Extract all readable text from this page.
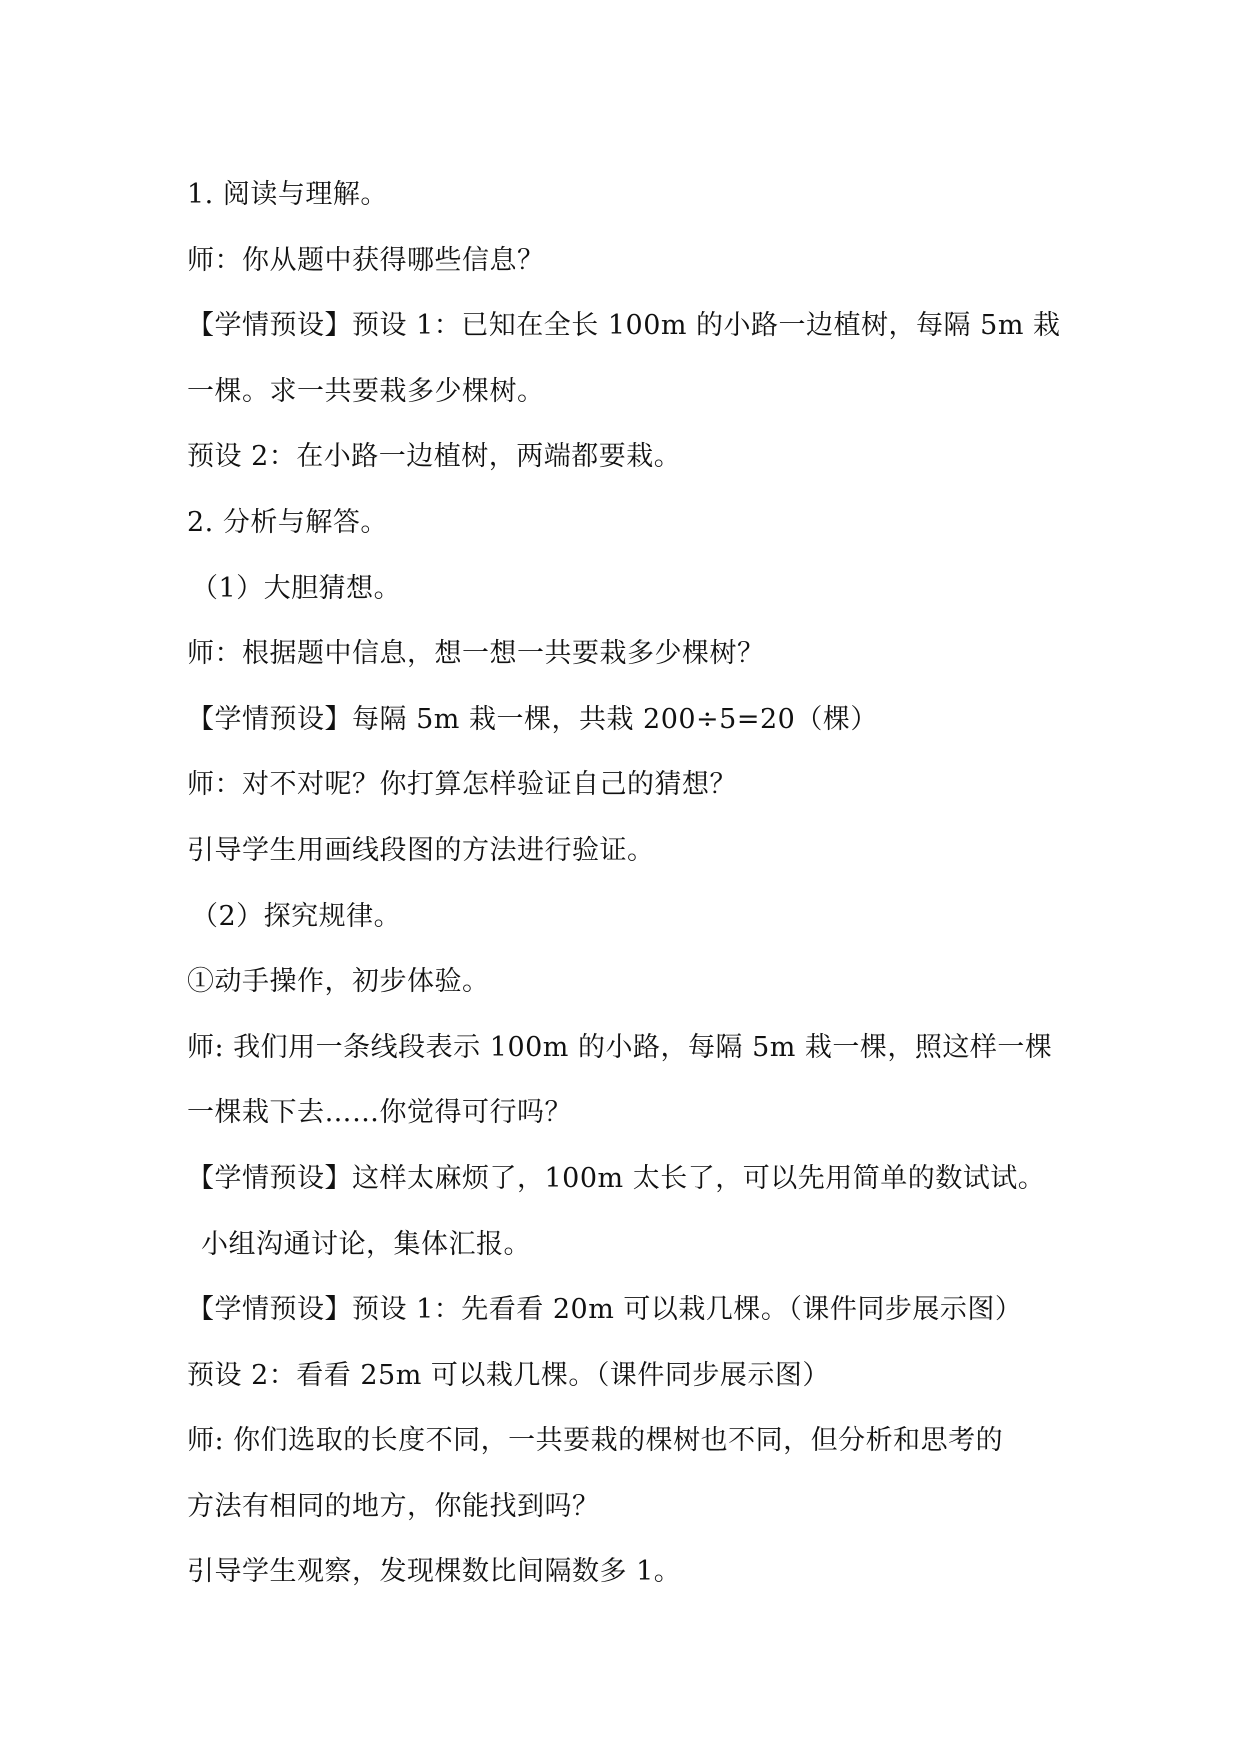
1. 阅读与理解。
师：你从题中获得哪些信息？
【学情预设】预设 1：已知在全长 100m 的小路一边植树，每隔 5m 栽
一棵。求一共要栽多少棵树。
预设 2：在小路一边植树，两端都要栽。
2. 分析与解答。
（1）大胆猜想。
师：根据题中信息，想一想一共要栽多少棵树？
【学情预设】每隔 5m 栽一棵，共栽 200÷5=20（棵）
师：对不对呢？你打算怎样验证自己的猜想？
引导学生用画线段图的方法进行验证。
（2）探究规律。
①动手操作，初步体验。
师: 我们用一条线段表示 100m 的小路，每隔 5m 栽一棵，照这样一棵
一棵栽下去……你觉得可行吗？
【学情预设】这样太麻烦了，100m 太长了，可以先用简单的数试试。
小组沟通讨论，集体汇报。
【学情预设】预设 1：先看看 20m 可以栽几棵。（课件同步展示图）
预设 2：看看 25m 可以栽几棵。（课件同步展示图）
师: 你们选取的长度不同，一共要栽的棵树也不同，但分析和思考的
方法有相同的地方，你能找到吗？
引导学生观察，发现棵数比间隔数多 1。
